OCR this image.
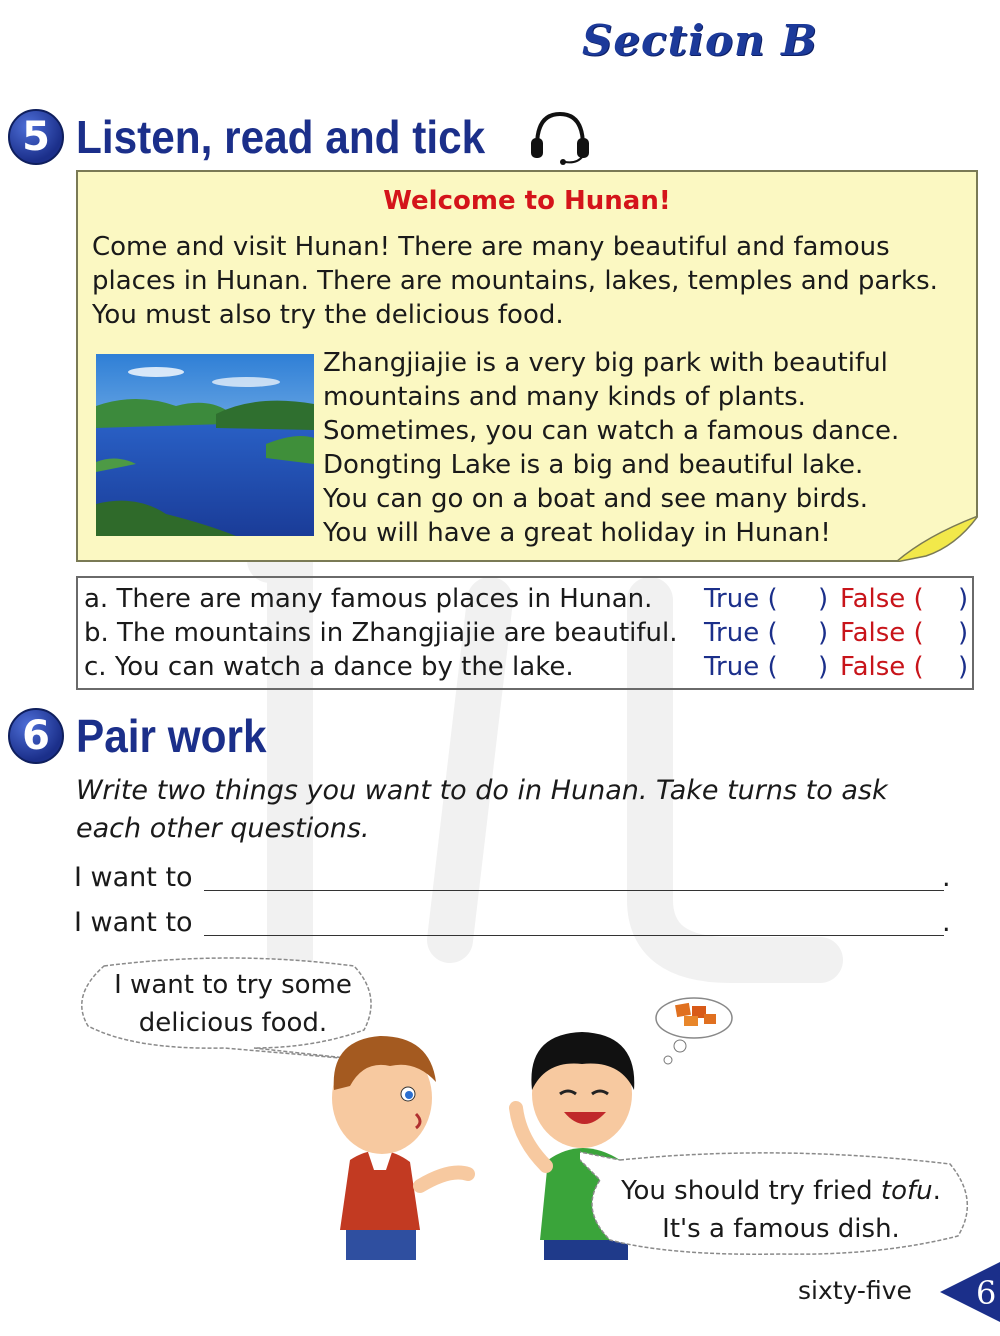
Section B
5 Listen, read and tick
Welcome to Hunan!
Come and visit Hunan! There are many beautiful and famous
places in Hunan. There are mountains, lakes, temples and parks.
You must also try the delicious food.
Zhangjiajie is a very big park with beautiful
mountains and many kinds of plants.
Sometimes, you can watch a famous dance.
Dongting Lake is a big and beautiful lake.
You can go on a boat and see many birds.
You will have a great holiday in Hunan!
a. There are many famous places in Hunan. True ( ) False ( )
b. The mountains in Zhangjiajie are beautiful. True ( ) False ( )
c. You can watch a dance by the lake.	True ( ) False ( )
6 Pair work
Write two things you want to do in Hunan. Take turns to ask
each other questions.
I want to	.
I want to	.
I want to try some
delicious food.
You should try fried tofu.
It's a famous dish.
sixty-five 6
